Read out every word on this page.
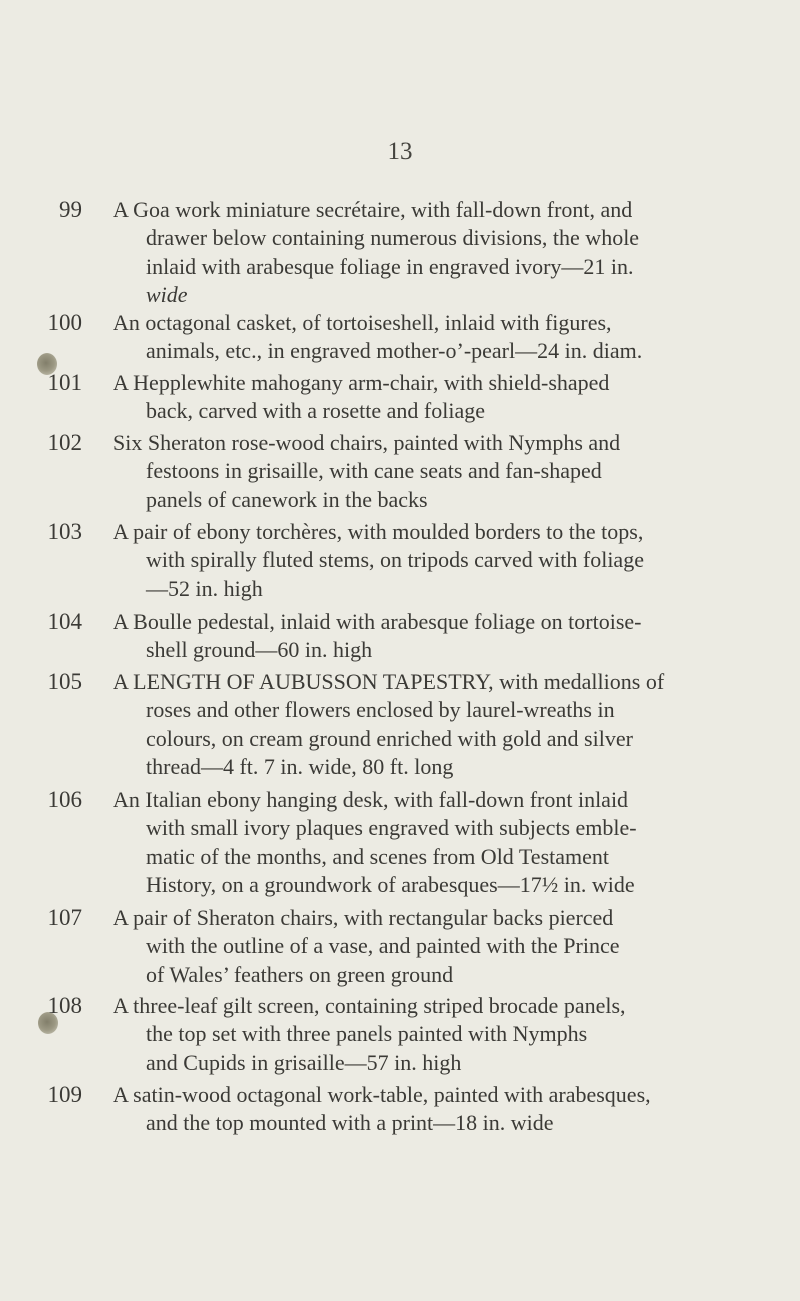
13
99 A Goa work miniature secrétaire, with fall-down front, and
drawer below containing numerous divisions, the whole
inlaid with arabesque foliage in engraved ivory—21 in.
wide
100 An octagonal casket, of tortoiseshell, inlaid with figures,
animals, etc., in engraved mother-o’-pearl—24 in. diam.
101 A Hepplewhite mahogany arm-chair, with shield-shaped
back, carved with a rosette and foliage
102 Six Sheraton rose-wood chairs, painted with Nymphs and
festoons in grisaille, with cane seats and fan-shaped
panels of canework in the backs
103 A pair of ebony torchères, with moulded borders to the tops,
with spirally fluted stems, on tripods carved with foliage
—52 in. high
104 A Boulle pedestal, inlaid with arabesque foliage on tortoise-
shell ground—60 in. high
105 A LENGTH OF AUBUSSON TAPESTRY, with medallions of
roses and other flowers enclosed by laurel-wreaths in
colours, on cream ground enriched with gold and silver
thread—4 ft. 7 in. wide, 80 ft. long
106 An Italian ebony hanging desk, with fall-down front inlaid
with small ivory plaques engraved with subjects emble-
matic of the months, and scenes from Old Testament
History, on a groundwork of arabesques—17½ in. wide
107 A pair of Sheraton chairs, with rectangular backs pierced
with the outline of a vase, and painted with the Prince
of Wales’ feathers on green ground
108 A three-leaf gilt screen, containing striped brocade panels,
the top set with three panels painted with Nymphs
and Cupids in grisaille—57 in. high
109 A satin-wood octagonal work-table, painted with arabesques,
and the top mounted with a print—18 in. wide
